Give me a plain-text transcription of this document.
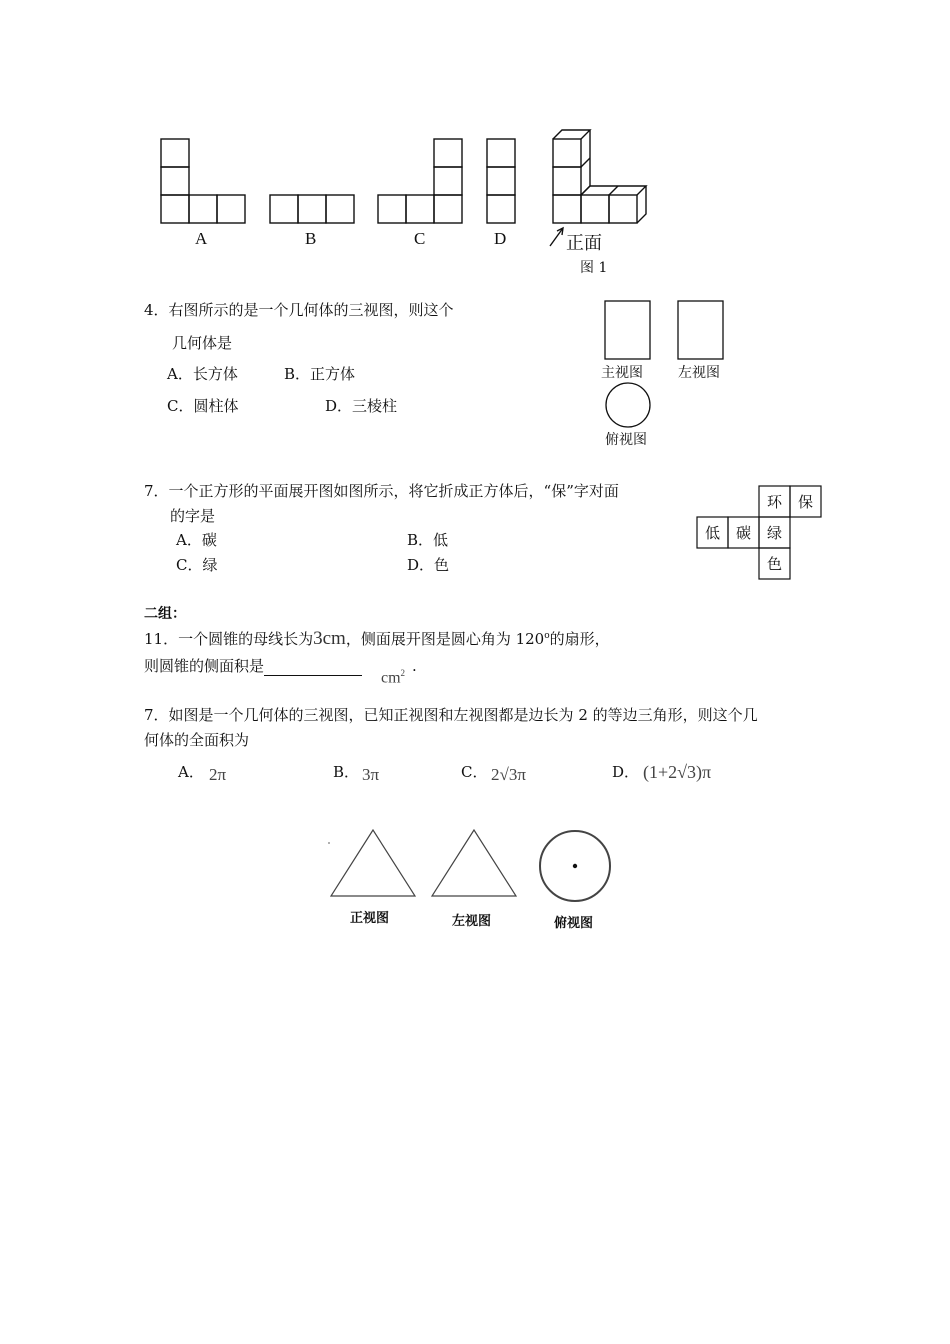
A	B	C	D	正面
图 1
4．右图所示的是一个几何体的三视图，则这个
几何体是
A．长方体	B．正方体
C．圆柱体	D．三棱柱
主视图	左视图
俯视图
7．一个正方形的平面展开图如图所示，将它折成正方体后，“保”字对面
的字是
A．碳	B．低
C．绿	D．色
环 保
低 碳 绿
色
二组：
11．一个圆锥的母线长为3cm，侧面展开图是圆心角为 120$^o$的扇形，
则圆锥的侧面积是
$cm^2$ .
7．如图是一个几何体的三视图，已知正视图和左视图都是边长为 2 的等边三角形，则这个几
何体的全面积为
A． 2π	B． 3π	C． 2√3π	D． (1+2√3)π
正视图	左视图	俯视图
